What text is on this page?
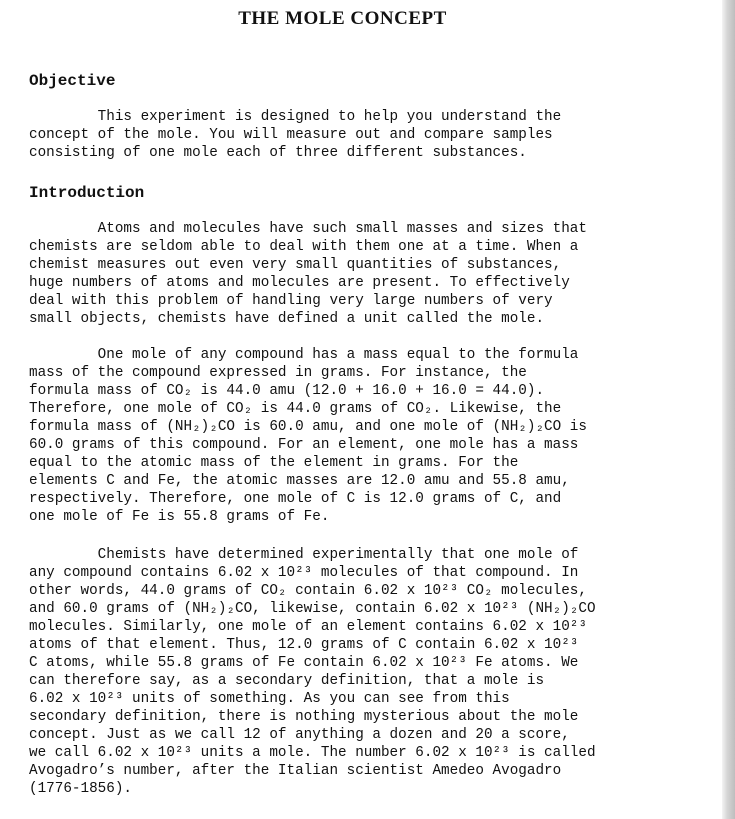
THE MOLE CONCEPT
Objective
This experiment is designed to help you understand the
concept of the mole. You will measure out and compare samples
consisting of one mole each of three different substances.
Introduction
Atoms and molecules have such small masses and sizes that
chemists are seldom able to deal with them one at a time. When a
chemist measures out even very small quantities of substances,
huge numbers of atoms and molecules are present. To effectively
deal with this problem of handling very large numbers of very
small objects, chemists have defined a unit called the mole.
One mole of any compound has a mass equal to the formula
mass of the compound expressed in grams. For instance, the
formula mass of CO₂ is 44.0 amu (12.0 + 16.0 + 16.0 = 44.0).
Therefore, one mole of CO₂ is 44.0 grams of CO₂. Likewise, the
formula mass of (NH₂)₂CO is 60.0 amu, and one mole of (NH₂)₂CO is
60.0 grams of this compound. For an element, one mole has a mass
equal to the atomic mass of the element in grams. For the
elements C and Fe, the atomic masses are 12.0 amu and 55.8 amu,
respectively. Therefore, one mole of C is 12.0 grams of C, and
one mole of Fe is 55.8 grams of Fe.
Chemists have determined experimentally that one mole of
any compound contains 6.02 x 10²³ molecules of that compound. In
other words, 44.0 grams of CO₂ contain 6.02 x 10²³ CO₂ molecules,
and 60.0 grams of (NH₂)₂CO, likewise, contain 6.02 x 10²³ (NH₂)₂CO
molecules. Similarly, one mole of an element contains 6.02 x 10²³
atoms of that element. Thus, 12.0 grams of C contain 6.02 x 10²³
C atoms, while 55.8 grams of Fe contain 6.02 x 10²³ Fe atoms. We
can therefore say, as a secondary definition, that a mole is
6.02 x 10²³ units of something. As you can see from this
secondary definition, there is nothing mysterious about the mole
concept. Just as we call 12 of anything a dozen and 20 a score,
we call 6.02 x 10²³ units a mole. The number 6.02 x 10²³ is called
Avogadro’s number, after the Italian scientist Amedeo Avogadro
(1776-1856).
